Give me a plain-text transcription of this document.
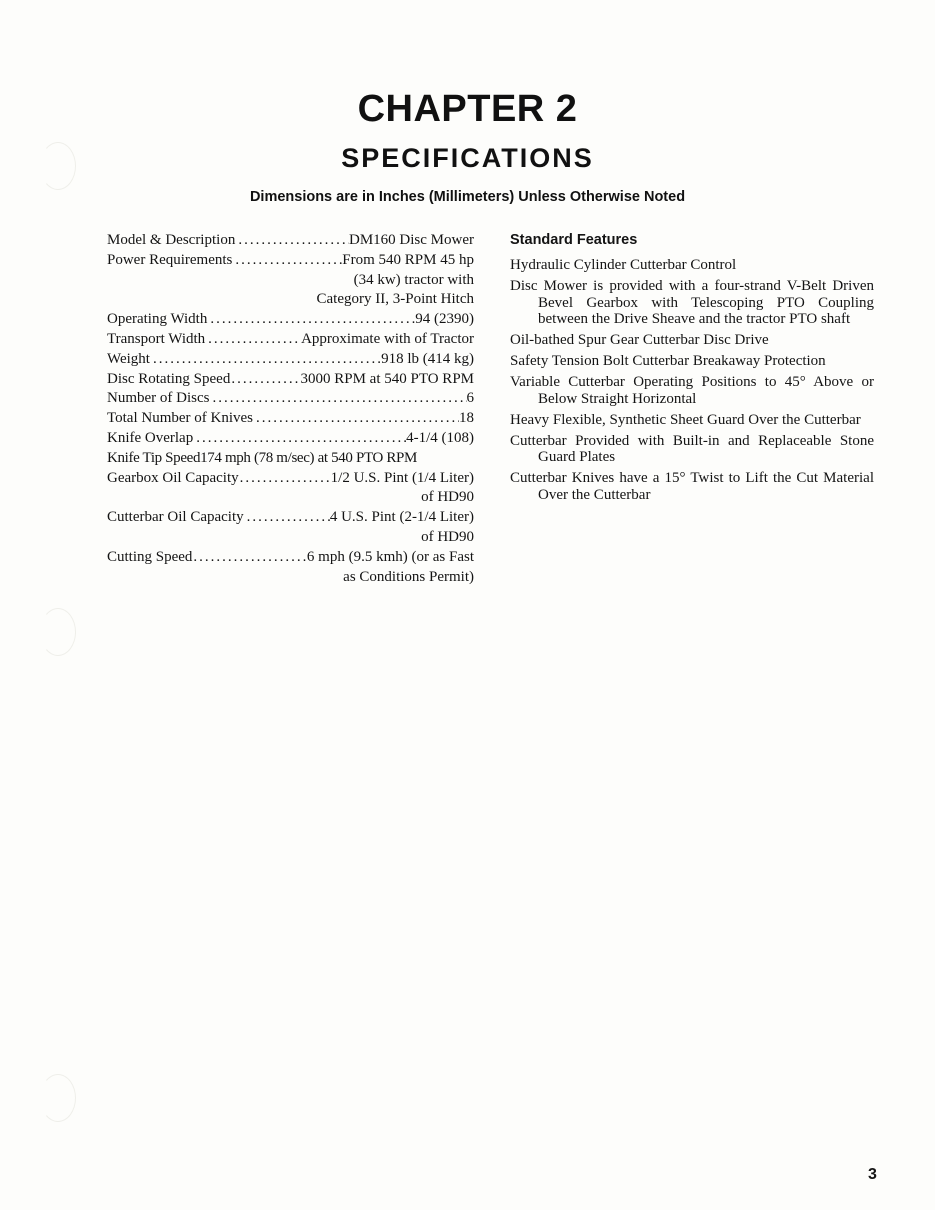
CHAPTER 2
SPECIFICATIONS
Dimensions are in Inches (Millimeters) Unless Otherwise Noted
Model & Description .....	DM160 Disc Mower
Power Requirements .....	From 540 RPM 45 hp
(34 kw) tractor with
Category II, 3-Point Hitch
Operating Width .....	94 (2390)
Transport Width .....	Approximate with of Tractor
Weight .....	918 lb (414 kg)
Disc Rotating Speed .....	3000 RPM at 540 PTO RPM
Number of Discs .....	6
Total Number of Knives .....	18
Knife Overlap .....	4-1/4 (108)
Knife Tip Speed 174 mph (78 m/sec) at 540 PTO RPM
Gearbox Oil Capacity .....	1/2 U.S. Pint (1/4 Liter)
of HD90
Cutterbar Oil Capacity .....	4 U.S. Pint (2-1/4 Liter)
of HD90
Cutting Speed .....	6 mph (9.5 kmh) (or as Fast
as Conditions Permit)
Standard Features
Hydraulic Cylinder Cutterbar Control
Disc Mower is provided with a four-strand V-Belt Driven Bevel Gearbox with Telescoping PTO Coupling between the Drive Sheave and the tractor PTO shaft
Oil-bathed Spur Gear Cutterbar Disc Drive
Safety Tension Bolt Cutterbar Breakaway Protection
Variable Cutterbar Operating Positions to 45° Above or Below Straight Horizontal
Heavy Flexible, Synthetic Sheet Guard Over the Cutterbar
Cutterbar Provided with Built-in and Replaceable Stone Guard Plates
Cutterbar Knives have a 15° Twist to Lift the Cut Material Over the Cutterbar
3
